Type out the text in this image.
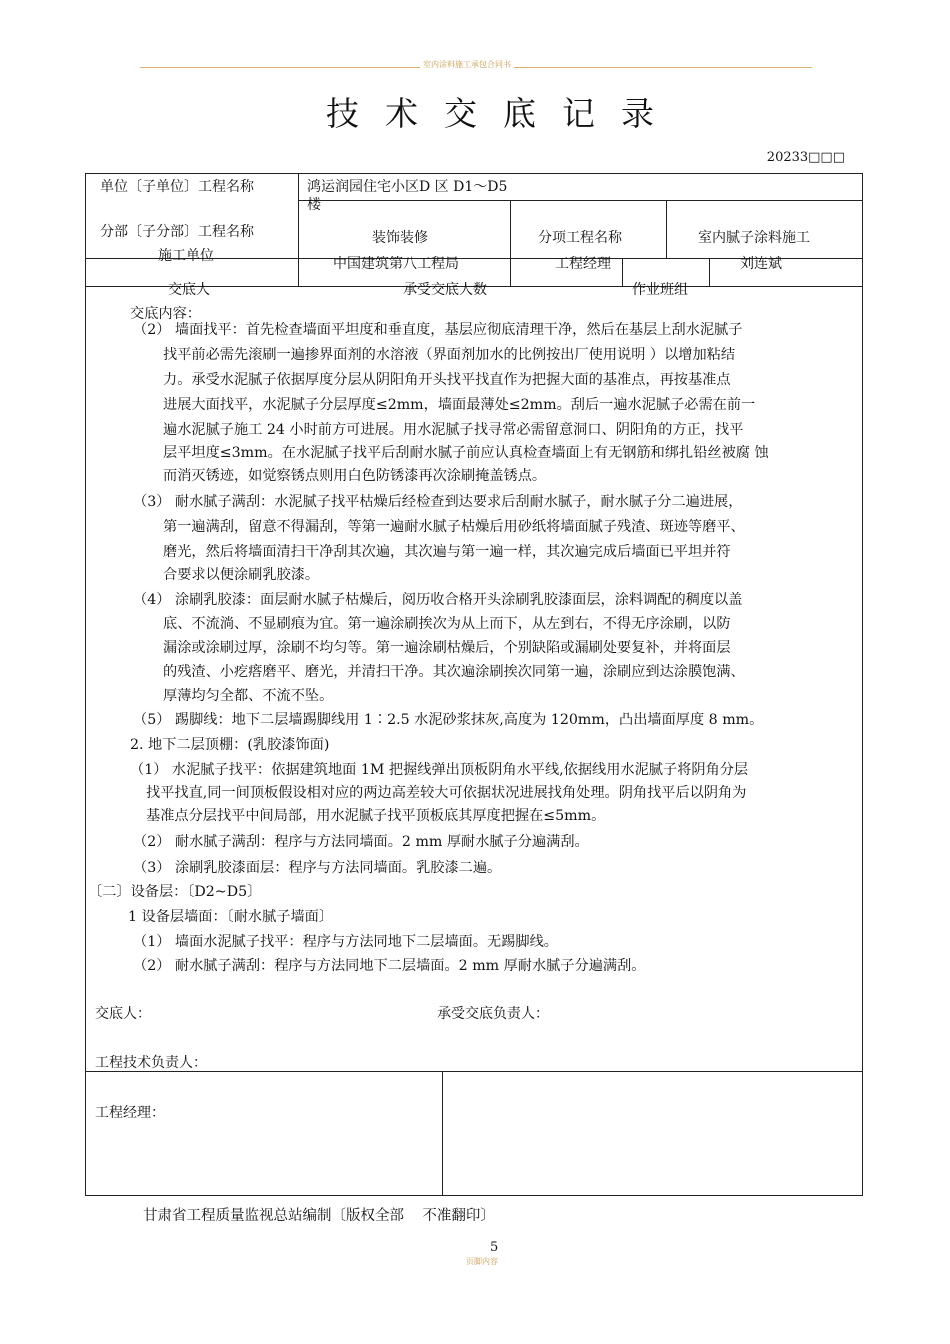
室内涂料施工承包合同书
技术交底记录
20233□□□
单位〔子单位〕工程名称	鸿运润园住宅小区D 区 D1～D5
楼
分部〔子分部〕工程名称	装饰装修	分项工程名称	室内腻子涂料施工
施工单位	中国建筑第八工程局	工程经理	刘连斌
交底人	承受交底人数	作业班组
交底内容：
（2） 墙面找平：首先检查墙面平坦度和垂直度，基层应彻底清理干净，然后在基层上刮水泥腻子
找平前必需先滚刷一遍掺界面剂的水溶液（界面剂加水的比例按出厂使用说明 ）以增加粘结
力。承受水泥腻子依据厚度分层从阴阳角开头找平找直作为把握大面的基准点，再按基准点
进展大面找平，水泥腻子分层厚度≤2mm，墙面最薄处≤2mm。刮后一遍水泥腻子必需在前一
遍水泥腻子施工 24 小时前方可进展。用水泥腻子找寻常必需留意洞口、阴阳角的方正，找平
层平坦度≤3mm。在水泥腻子找平后刮耐水腻子前应认真检查墙面上有无钢筋和绑扎铅丝被腐 蚀
而消灭锈迹，如觉察锈点则用白色防锈漆再次涂刷掩盖锈点。
（3） 耐水腻子满刮：水泥腻子找平枯燥后经检查到达要求后刮耐水腻子，耐水腻子分二遍进展，
第一遍满刮，留意不得漏刮，等第一遍耐水腻子枯燥后用砂纸将墙面腻子残渣、斑迹等磨平、
磨光，然后将墙面清扫干净刮其次遍，其次遍与第一遍一样，其次遍完成后墙面已平坦并符
合要求以便涂刷乳胶漆。
（4） 涂刷乳胶漆：面层耐水腻子枯燥后，阅历收合格开头涂刷乳胶漆面层，涂料调配的稠度以盖
底、不流淌、不显刷痕为宜。第一遍涂刷挨次为从上而下，从左到右，不得无序涂刷，以防
漏涂或涂刷过厚，涂刷不均匀等。第一遍涂刷枯燥后，个别缺陷或漏刷处要复补，并将面层
的残渣、小疙瘩磨平、磨光，并清扫干净。其次遍涂刷挨次同第一遍，涂刷应到达涂膜饱满、
厚薄均匀全都、不流不坠。
（5） 踢脚线：地下二层墙踢脚线用 1∶2.5 水泥砂浆抹灰,高度为 120mm，凸出墙面厚度 8 mm。
2. 地下二层顶棚：(乳胶漆饰面)
（1） 水泥腻子找平：依据建筑地面 1M 把握线弹出顶板阴角水平线,依据线用水泥腻子将阴角分层
找平找直,同一间顶板假设相对应的两边高差较大可依据状况进展找角处理。阴角找平后以阴角为
基准点分层找平中间局部，用水泥腻子找平顶板底其厚度把握在≤5mm。
（2） 耐水腻子满刮：程序与方法同墙面。2 mm 厚耐水腻子分遍满刮。
（3） 涂刷乳胶漆面层：程序与方法同墙面。乳胶漆二遍。
〔二〕设备层：〔D2~D5〕
1 设备层墙面：〔耐水腻子墙面〕
（1） 墙面水泥腻子找平：程序与方法同地下二层墙面。无踢脚线。
（2） 耐水腻子满刮：程序与方法同地下二层墙面。2 mm 厚耐水腻子分遍满刮。
交底人：	承受交底负责人：
工程技术负责人：
工程经理：
甘肃省工程质量监视总站编制〔版权全部    不准翻印〕
5
页脚内容
